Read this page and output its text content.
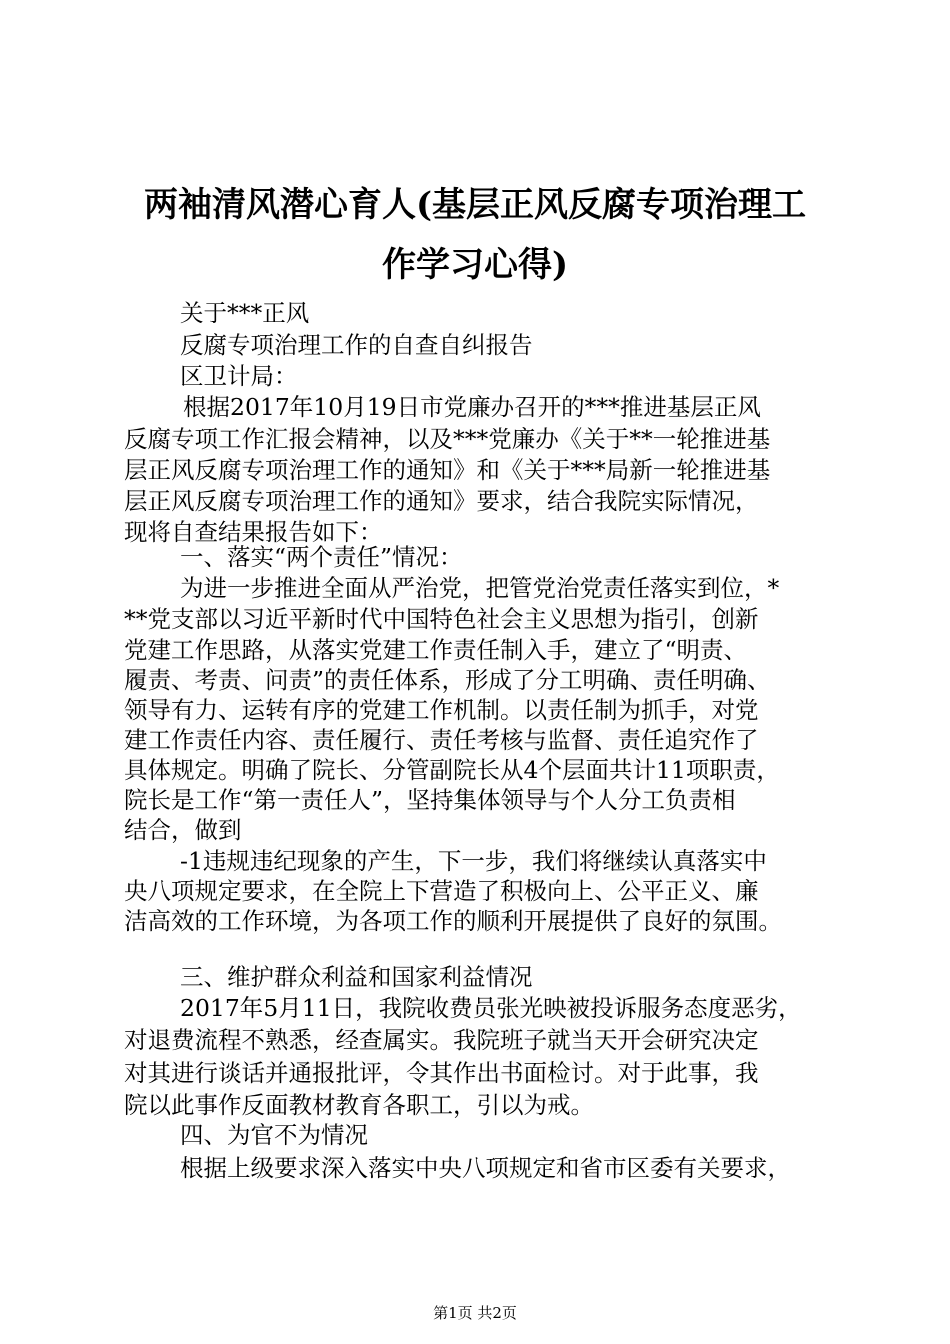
两袖清风潜心育人(基层正风反腐专项治理工
作学习心得)
关于***正风
反腐专项治理工作的自查自纠报告
区卫计局：
根据2017年10月19日市党廉办召开的***推进基层正风
反腐专项工作汇报会精神，以及***党廉办《关于**一轮推进基
层正风反腐专项治理工作的通知》和《关于***局新一轮推进基
层正风反腐专项治理工作的通知》要求，结合我院实际情况，
现将自查结果报告如下：
一、落实“两个责任”情况：
为进一步推进全面从严治党，把管党治党责任落实到位，*
**党支部以习近平新时代中国特色社会主义思想为指引，创新
党建工作思路，从落实党建工作责任制入手，建立了“明责、
履责、考责、问责”的责任体系，形成了分工明确、责任明确、
领导有力、运转有序的党建工作机制。以责任制为抓手，对党
建工作责任内容、责任履行、责任考核与监督、责任追究作了
具体规定。明确了院长、分管副院长从4个层面共计11项职责，
院长是工作“第一责任人”，坚持集体领导与个人分工负责相
结合，做到
-1违规违纪现象的产生，下一步，我们将继续认真落实中
央八项规定要求，在全院上下营造了积极向上、公平正义、廉
洁高效的工作环境，为各项工作的顺利开展提供了良好的氛围。
三、维护群众利益和国家利益情况
2017年5月11日，我院收费员张光映被投诉服务态度恶劣，
对退费流程不熟悉，经查属实。我院班子就当天开会研究决定
对其进行谈话并通报批评，令其作出书面检讨。对于此事，我
院以此事作反面教材教育各职工，引以为戒。
四、为官不为情况
根据上级要求深入落实中央八项规定和省市区委有关要求，
第1页 共2页
